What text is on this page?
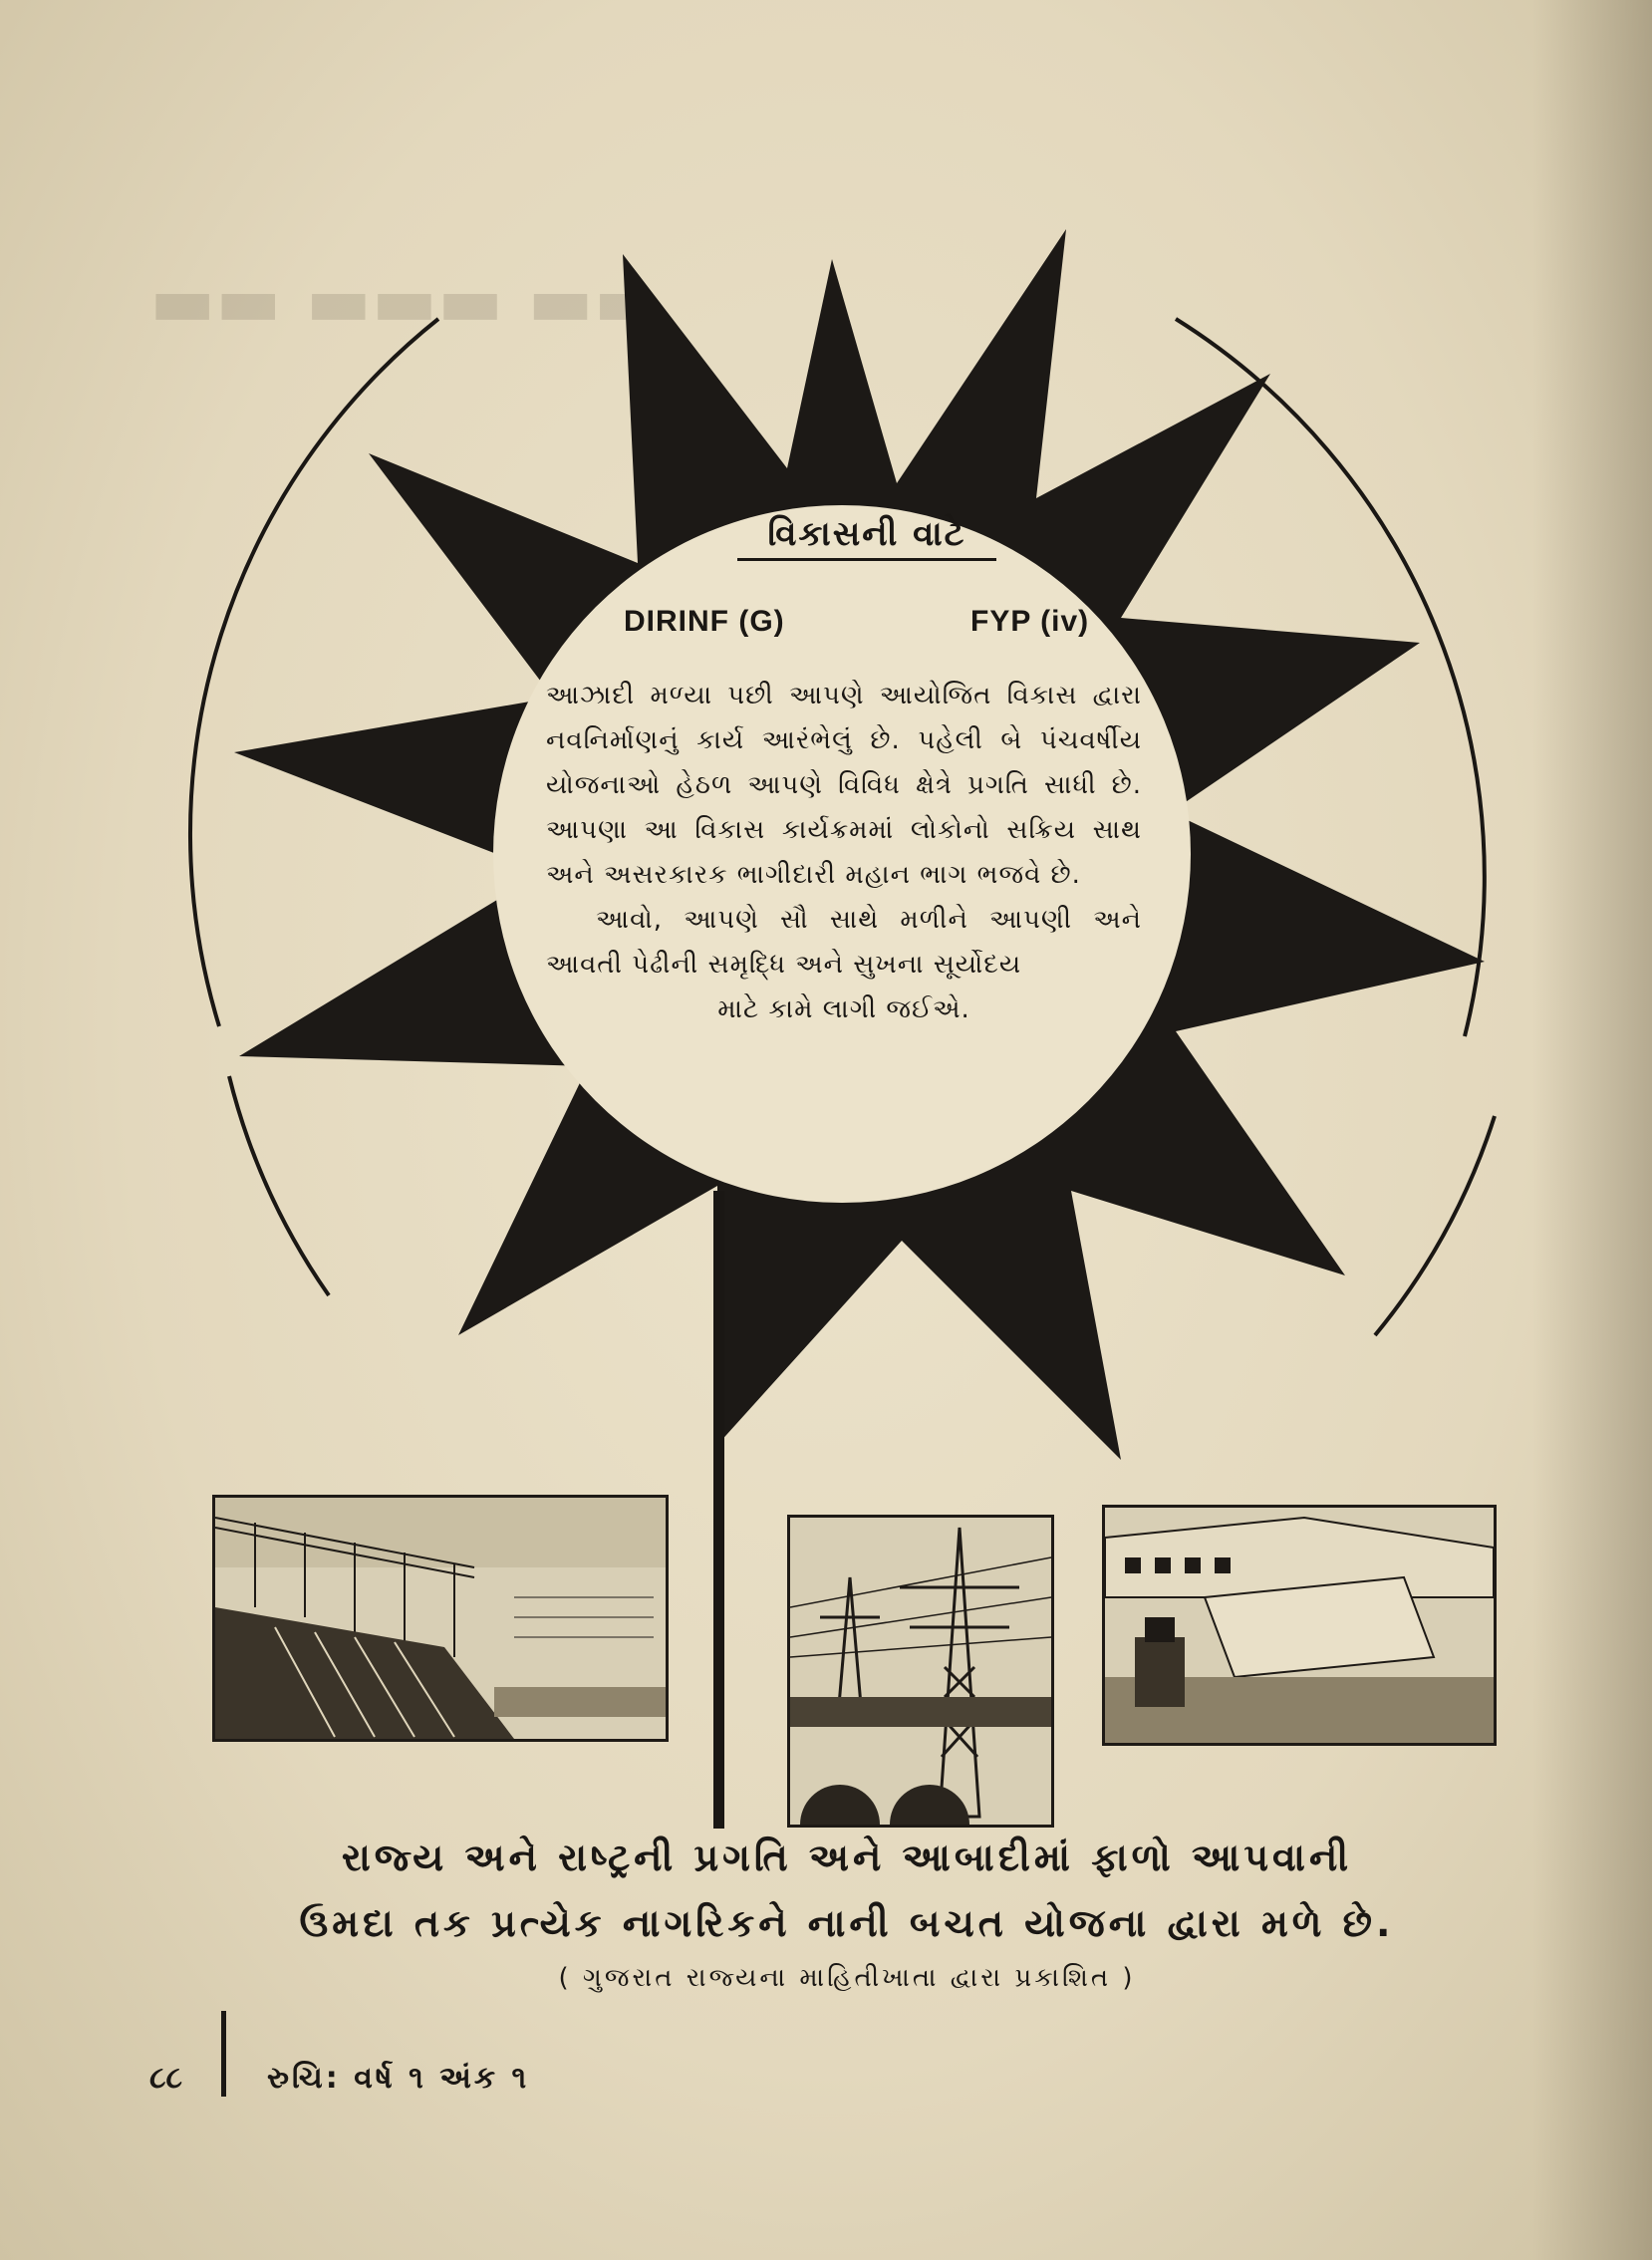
▬▬ ▬▬▬ ▬▬
વિકાસની વાટે
DIRINF (G)	FYP (iv)

આઝાદી મળ્યા પછી આપણે આયોજિત વિકાસ દ્વારા નવનિર્માણનું કાર્ય આરંભેલું છે. પહેલી બે પંચવર્ષીય યોજનાઓ હેઠળ આપણે વિવિધ ક્ષેત્રે પ્રગતિ સાધી છે. આપણા આ વિકાસ કાર્યક્રમમાં લોકોનો સક્રિય સાથ અને અસરકારક ભાગીદારી મહાન ભાગ ભજવે છે.

આવો, આપણે સૌ સાથે મળીને આપણી અને આવતી પેઢીની સમૃદ્ધિ અને સુખના સૂર્યોદય

માટે કામે લાગી જઈએ.

રાજ્ય અને રાષ્ટ્રની પ્રગતિ અને આબાદીમાં ફાળો આપવાની
ઉમદા તક પ્રત્યેક નાગરિકને નાની બચત યોજના દ્વારા મળે છે.
( ગુજરાત રાજ્યના માહિતીખાતા દ્વારા પ્રકાશિત )
૮૮	રુચિ: વર્ષ ૧ અંક ૧
